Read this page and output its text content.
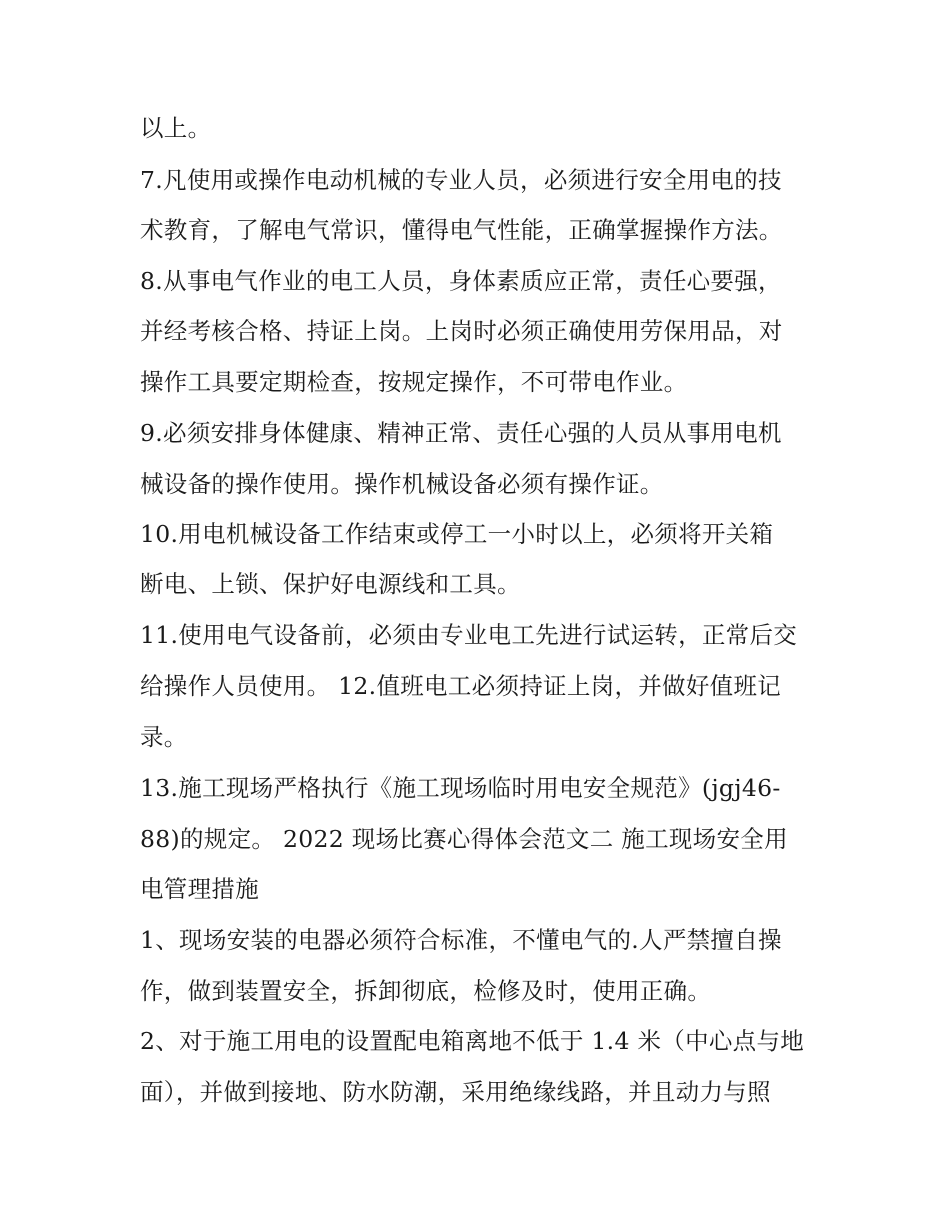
以上。
7.凡使用或操作电动机械的专业人员，必须进行安全用电的技
术教育，了解电气常识，懂得电气性能，正确掌握操作方法。
8.从事电气作业的电工人员，身体素质应正常，责任心要强，
并经考核合格、持证上岗。上岗时必须正确使用劳保用品，对
操作工具要定期检查，按规定操作，不可带电作业。
9.必须安排身体健康、精神正常、责任心强的人员从事用电机
械设备的操作使用。操作机械设备必须有操作证。
10.用电机械设备工作结束或停工一小时以上，必须将开关箱
断电、上锁、保护好电源线和工具。
11.使用电气设备前，必须由专业电工先进行试运转，正常后交
给操作人员使用。 12.值班电工必须持证上岗，并做好值班记
录。
13.施工现场严格执行《施工现场临时用电安全规范》(jgj46-
88)的规定。 2022 现场比赛心得体会范文二 施工现场安全用
电管理措施
1、现场安装的电器必须符合标准，不懂电气的.人严禁擅自操
作，做到装置安全，拆卸彻底，检修及时，使用正确。
2、对于施工用电的设置配电箱离地不低于 1.4 米（中心点与地
面），并做到接地、防水防潮，采用绝缘线路，并且动力与照
